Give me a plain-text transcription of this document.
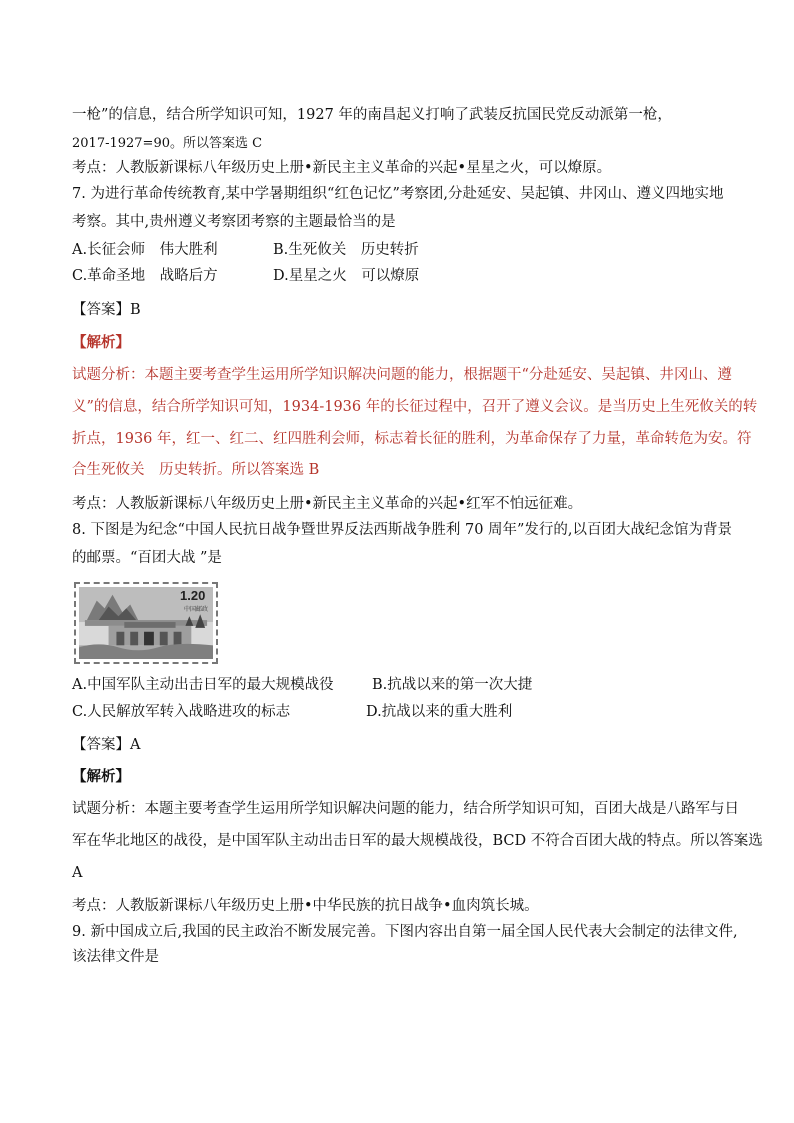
一枪”的信息，结合所学知识可知，1927 年的南昌起义打响了武装反抗国民党反动派第一枪，
2017-1927=90。所以答案选 C
考点：人教版新课标八年级历史上册•新民主主义革命的兴起•星星之火，可以燎原。
7. 为进行革命传统教育,某中学暑期组织“红色记忆”考察团,分赴延安、吴起镇、井冈山、遵义四地实地
考察。其中,贵州遵义考察团考察的主题最恰当的是
A.长征会师　伟大胜利	B.生死攸关　历史转折
C.革命圣地　战略后方	D.星星之火　可以燎原
【答案】B
【解析】
试题分析：本题主要考查学生运用所学知识解决问题的能力，根据题干“分赴延安、吴起镇、井冈山、遵
义”的信息，结合所学知识可知，1934-1936 年的长征过程中，召开了遵义会议。是当历史上生死攸关的转
折点，1936 年，红一、红二、红四胜利会师，标志着长征的胜利，为革命保存了力量，革命转危为安。符
合生死攸关　历史转折。所以答案选 B
考点：人教版新课标八年级历史上册•新民主主义革命的兴起•红军不怕远征难。
8. 下图是为纪念“中国人民抗日战争暨世界反法西斯战争胜利 70 周年”发行的,以百团大战纪念馆为背景
的邮票。“百团大战 ”是
1.20
中国邮政
A.中国军队主动出击日军的最大规模战役	B.抗战以来的第一次大捷
C.人民解放军转入战略进攻的标志	D.抗战以来的重大胜利
【答案】A
【解析】
试题分析：本题主要考查学生运用所学知识解决问题的能力，结合所学知识可知，百团大战是八路军与日
军在华北地区的战役，是中国军队主动出击日军的最大规模战役，BCD 不符合百团大战的特点。所以答案选
A
考点：人教版新课标八年级历史上册•中华民族的抗日战争•血肉筑长城。
9. 新中国成立后,我国的民主政治不断发展完善。下图内容出自第一届全国人民代表大会制定的法律文件,
该法律文件是
